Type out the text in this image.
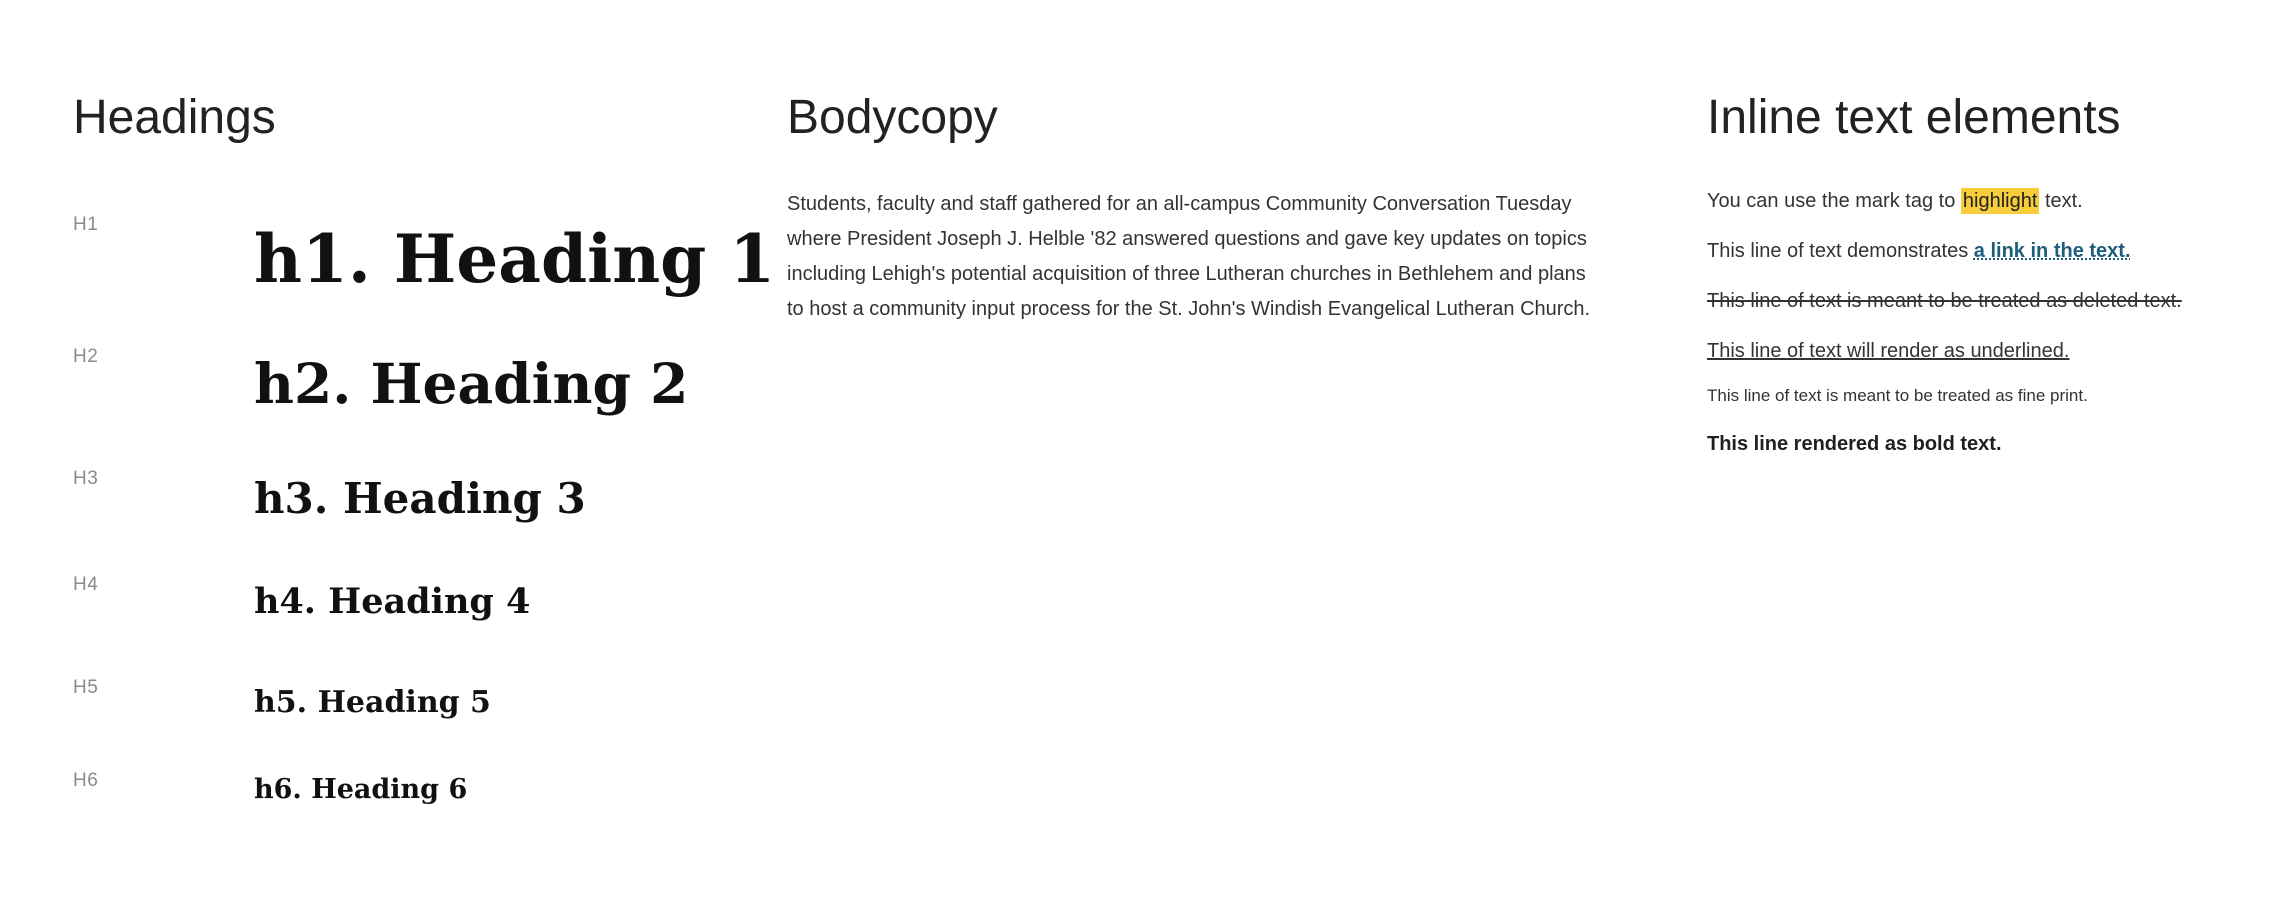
Headings
H1 h1. Heading 1
H2	h2. Heading 2
H3	h3. Heading 3
H4	h4. Heading 4
H5	h5. Heading 5
H6	h6. Heading 6
Bodycopy

Students, faculty and staff gathered for an all-campus Community Conversation Tuesday where President Joseph J. Helble '82 answered questions and gave key updates on topics including Lehigh's potential acquisition of three Lutheran churches in Bethlehem and plans to host a community input process for the St. John's Windish Evangelical Lutheran Church.

Inline text elements

You can use the mark tag to highlight text.

This line of text demonstrates a link in the text.

This line of text is meant to be treated as deleted text.

This line of text will render as underlined.

This line of text is meant to be treated as fine print.

This line rendered as bold text.
